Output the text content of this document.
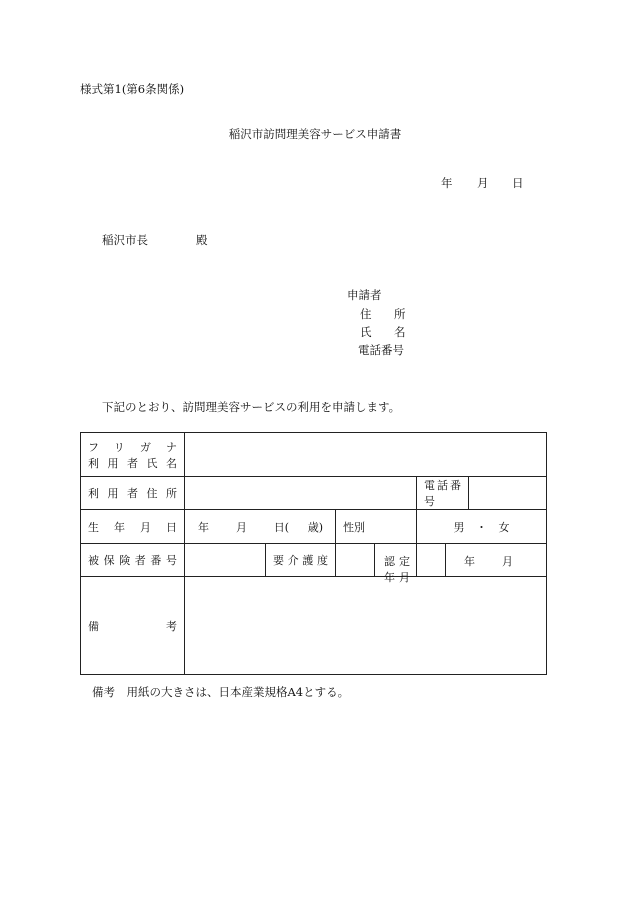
様式第1(第6条関係)
稲沢市訪問理美容サービス申請書
年 月 日
稲沢市長	殿
申請者
住 所
氏 名
電話番号
下記のとおり、訪問理美容サービスの利用を申請します。
フリガナ
利用者氏名					

利用者住所				電話番号	
生年月日	年 月 日( 歳)		性別	男 ・ 女	
被保険者番号		要介護度	認定年月	年 月	

備 考					

備考　用紙の大きさは、日本産業規格A4とする。
